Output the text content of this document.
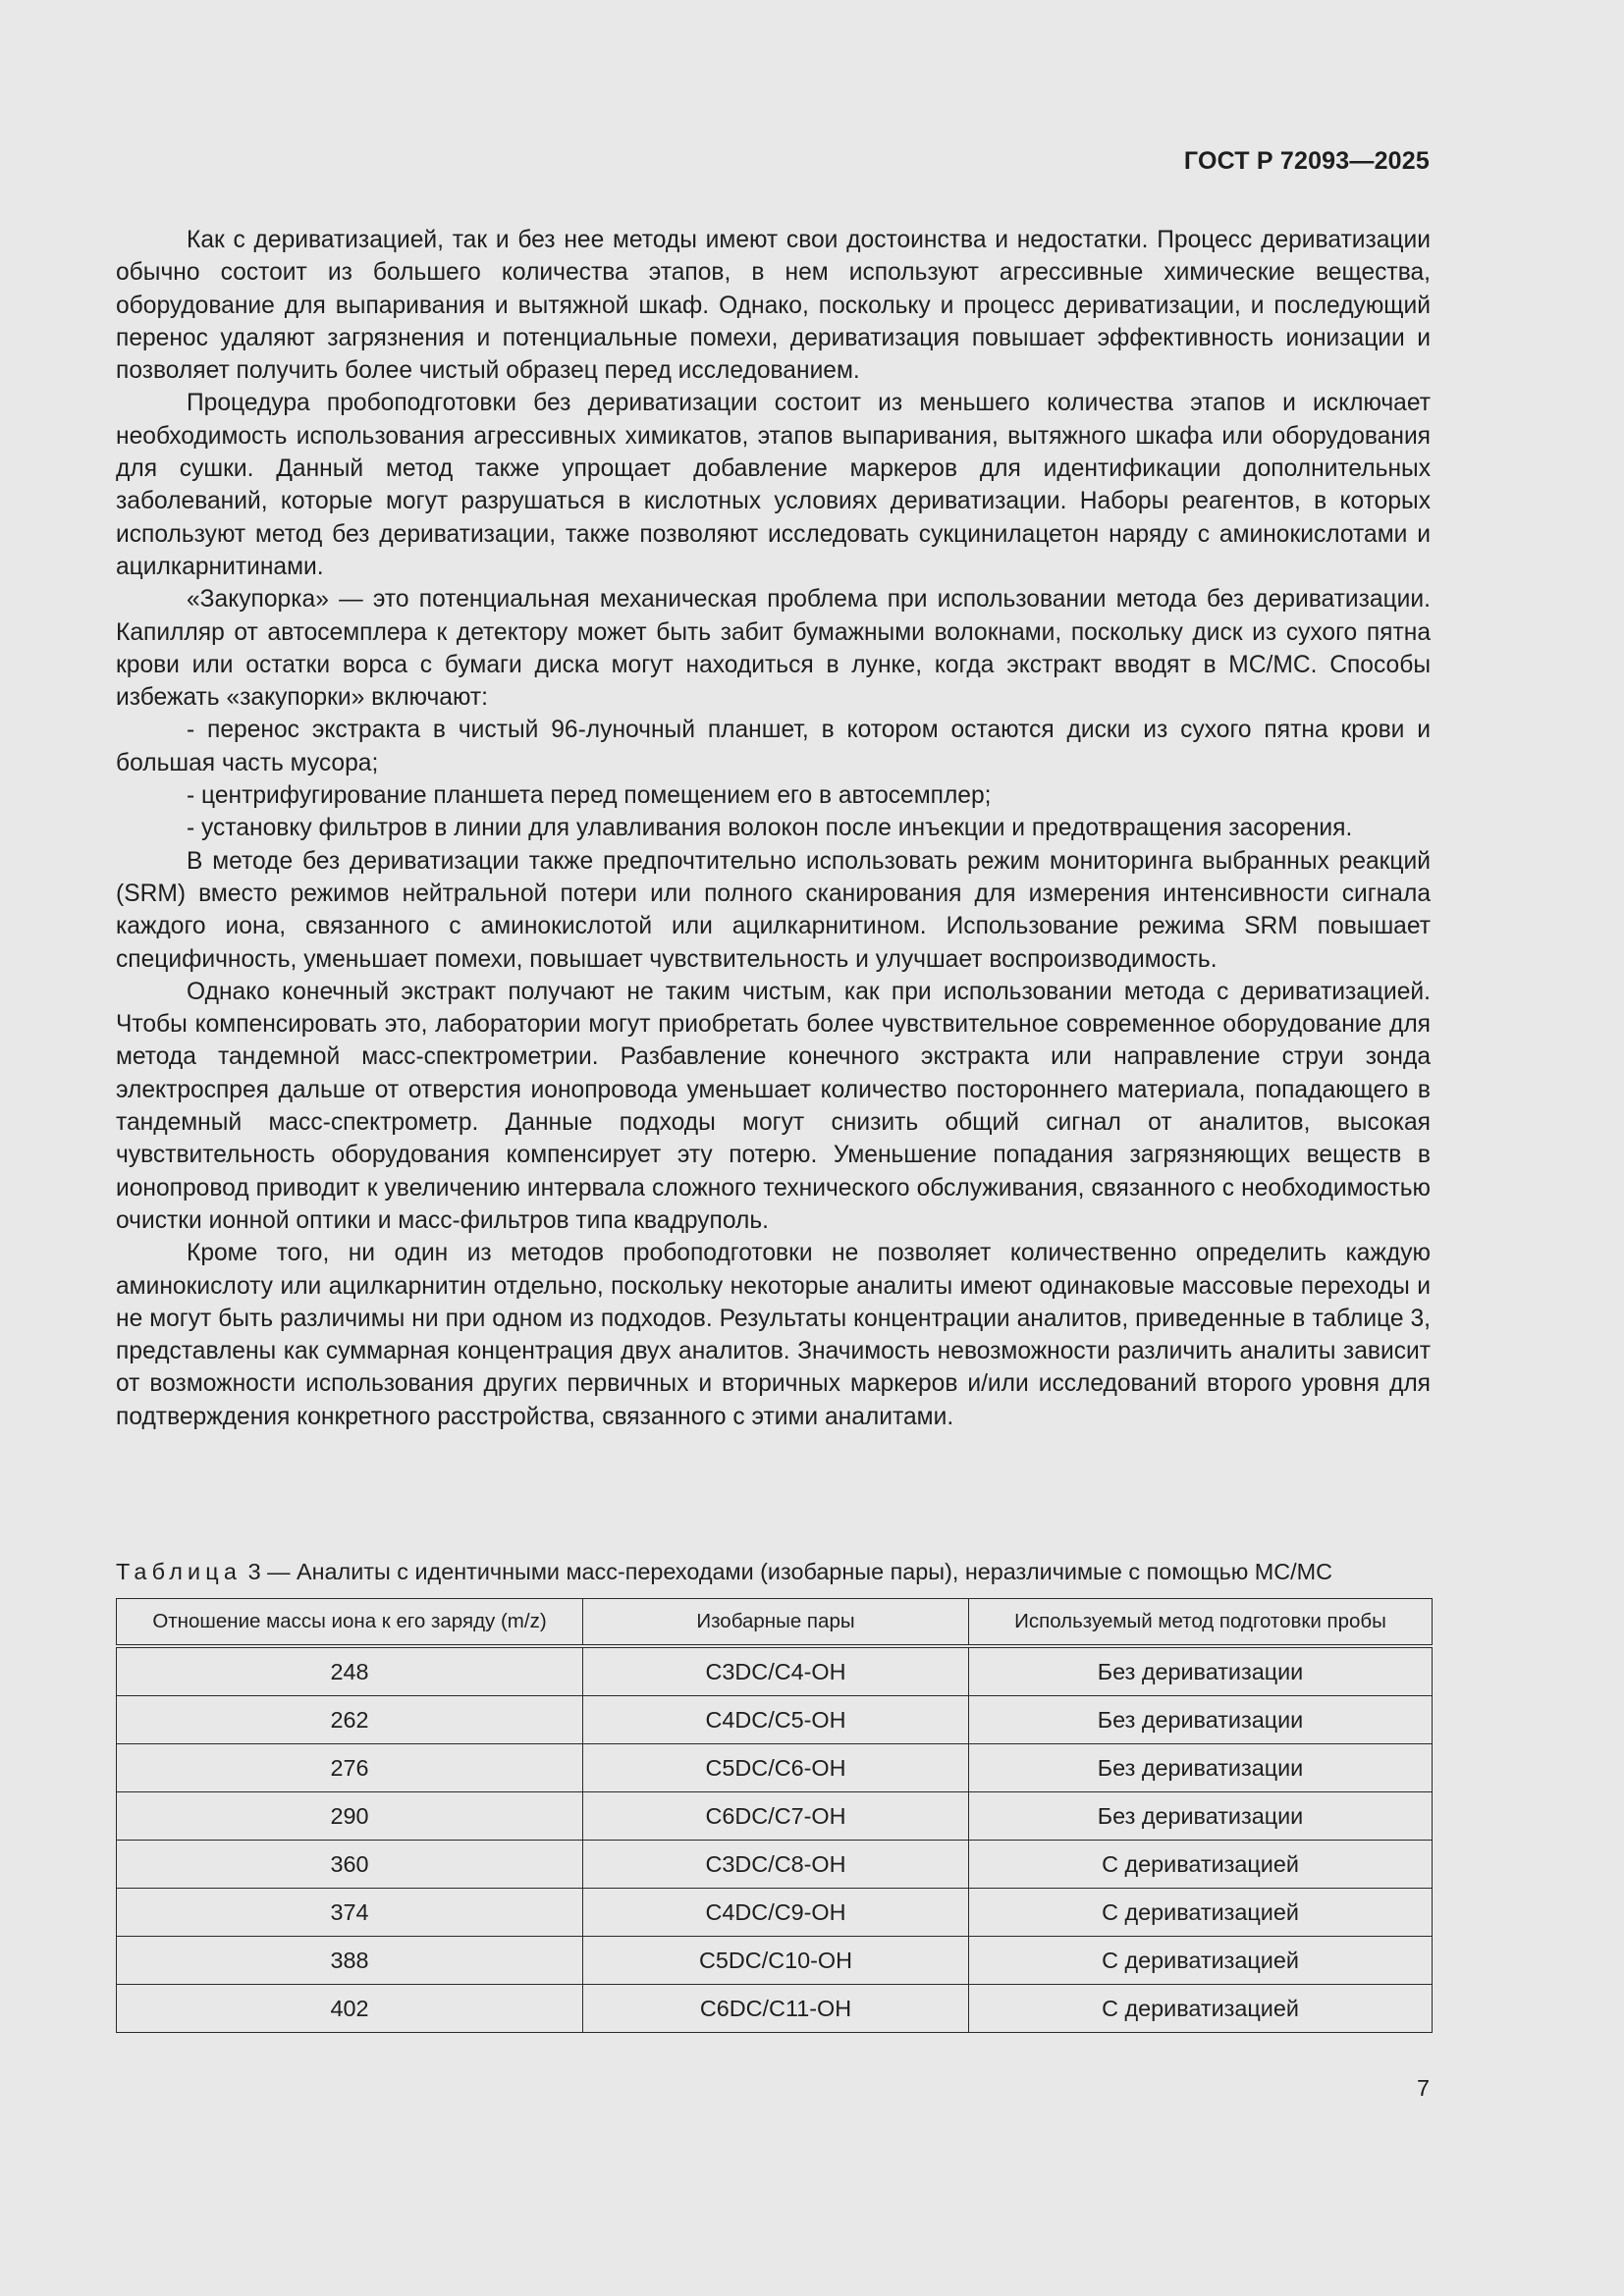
ГОСТ Р 72093—2025

Как с дериватизацией, так и без нее методы имеют свои достоинства и недостатки. Процесс дериватизации обычно состоит из большего количества этапов, в нем используют агрессивные химические вещества, оборудование для выпаривания и вытяжной шкаф. Однако, поскольку и процесс дериватизации, и последующий перенос удаляют загрязнения и потенциальные помехи, дериватизация повышает эффективность ионизации и позволяет получить более чистый образец перед исследованием.

Процедура пробоподготовки без дериватизации состоит из меньшего количества этапов и исключает необходимость использования агрессивных химикатов, этапов выпаривания, вытяжного шкафа или оборудования для сушки. Данный метод также упрощает добавление маркеров для идентификации дополнительных заболеваний, которые могут разрушаться в кислотных условиях дериватизации. Наборы реагентов, в которых используют метод без дериватизации, также позволяют исследовать сукцинилацетон наряду с аминокислотами и ацилкарнитинами.

«Закупорка» — это потенциальная механическая проблема при использовании метода без дериватизации. Капилляр от автосемплера к детектору может быть забит бумажными волокнами, поскольку диск из сухого пятна крови или остатки ворса с бумаги диска могут находиться в лунке, когда экстракт вводят в МС/МС. Способы избежать «закупорки» включают:

- перенос экстракта в чистый 96-луночный планшет, в котором остаются диски из сухого пятна крови и большая часть мусора;

- центрифугирование планшета перед помещением его в автосемплер;

- установку фильтров в линии для улавливания волокон после инъекции и предотвращения засорения.

В методе без дериватизации также предпочтительно использовать режим мониторинга выбранных реакций (SRM) вместо режимов нейтральной потери или полного сканирования для измерения интенсивности сигнала каждого иона, связанного с аминокислотой или ацилкарнитином. Использование режима SRM повышает специфичность, уменьшает помехи, повышает чувствительность и улучшает воспроизводимость.

Однако конечный экстракт получают не таким чистым, как при использовании метода с дериватизацией. Чтобы компенсировать это, лаборатории могут приобретать более чувствительное современное оборудование для метода тандемной масс-спектрометрии. Разбавление конечного экстракта или направление струи зонда электроспрея дальше от отверстия ионопровода уменьшает количество постороннего материала, попадающего в тандемный масс-спектрометр. Данные подходы могут снизить общий сигнал от аналитов, высокая чувствительность оборудования компенсирует эту потерю. Уменьшение попадания загрязняющих веществ в ионопровод приводит к увеличению интервала сложного технического обслуживания, связанного с необходимостью очистки ионной оптики и масс-фильтров типа квадруполь.

Кроме того, ни один из методов пробоподготовки не позволяет количественно определить каждую аминокислоту или ацилкарнитин отдельно, поскольку некоторые аналиты имеют одинаковые массовые переходы и не могут быть различимы ни при одном из подходов. Результаты концентрации аналитов, приведенные в таблице 3, представлены как суммарная концентрация двух аналитов. Значимость невозможности различить аналиты зависит от возможности использования других первичных и вторичных маркеров и/или исследований второго уровня для подтверждения конкретного расстройства, связанного с этими аналитами.

Таблица 3 — Аналиты с идентичными масс-переходами (изобарные пары), неразличимые с помощью МС/МС
Отношение массы иона к его заряду (m/z)	Изобарные пары	Используемый метод подготовки пробы
248	C3DC/C4-OH	Без дериватизации
262	C4DC/C5-OH	Без дериватизации
276	C5DC/C6-OH	Без дериватизации
290	C6DC/C7-OH	Без дериватизации
360	C3DC/C8-OH	С дериватизацией
374	C4DC/C9-OH	С дериватизацией
388	C5DC/C10-OH	С дериватизацией
402	C6DC/C11-OH	С дериватизацией
7
